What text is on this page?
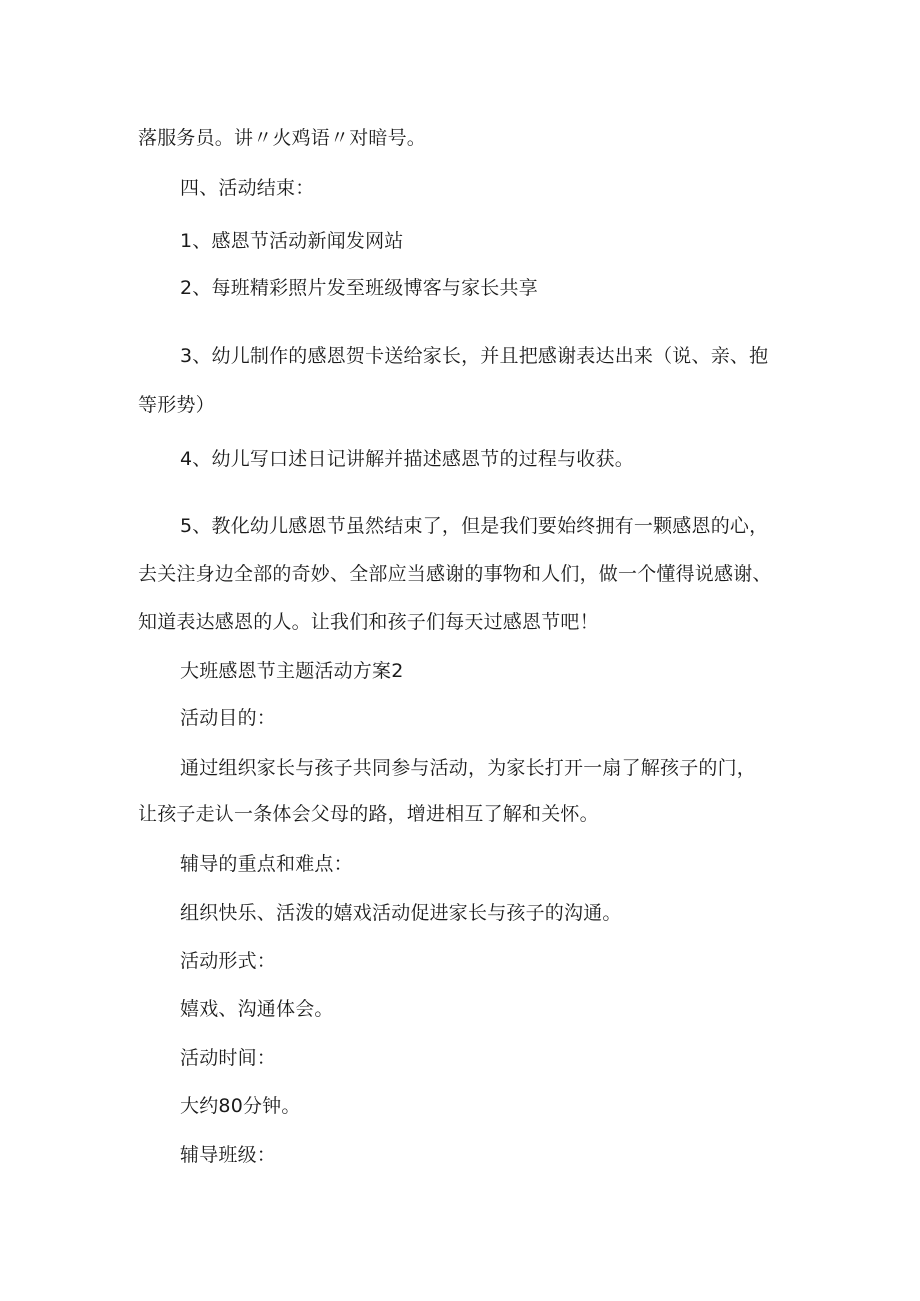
落服务员。讲〃火鸡语〃对暗号。
四、活动结束：
1、感恩节活动新闻发网站
2、每班精彩照片发至班级博客与家长共享
3、幼儿制作的感恩贺卡送给家长，并且把感谢表达出来（说、亲、抱
等形势）
4、幼儿写口述日记讲解并描述感恩节的过程与收获。
5、教化幼儿感恩节虽然结束了，但是我们要始终拥有一颗感恩的心，
去关注身边全部的奇妙、全部应当感谢的事物和人们，做一个懂得说感谢、
知道表达感恩的人。让我们和孩子们每天过感恩节吧！
大班感恩节主题活动方案2
活动目的：
通过组织家长与孩子共同参与活动，为家长打开一扇了解孩子的门，
让孩子走认一条体会父母的路，增进相互了解和关怀。
辅导的重点和难点：
组织快乐、活泼的嬉戏活动促进家长与孩子的沟通。
活动形式：
嬉戏、沟通体会。
活动时间：
大约80分钟。
辅导班级：
